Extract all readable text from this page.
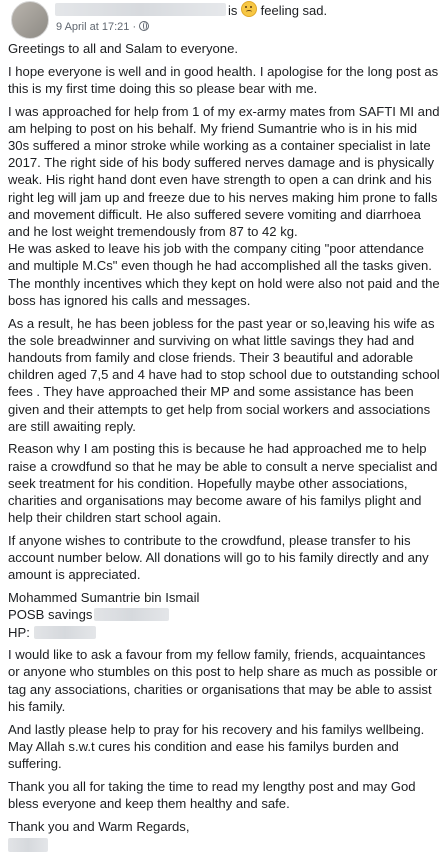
is  feeling sad.
9 April at 17:21 ·

Greetings to all and Salam to everyone.

I hope everyone is well and in good health. I apologise for the long post as this is my first time doing this so please bear with me.

I was approached for help from 1 of my ex-army mates from SAFTI MI and am helping to post on his behalf. My friend Sumantrie who is in his mid 30s suffered a minor stroke while working as a container specialist in late 2017. The right side of his body suffered nerves damage and is physically weak. His right hand dont even have strength to open a can drink and his right leg will jam up and freeze due to his nerves making him prone to falls and movement difficult. He also suffered severe vomiting and diarrhoea and he lost weight tremendously from 87 to 42 kg.

He was asked to leave his job with the company citing "poor attendance and multiple M.Cs" even though he had accomplished all the tasks given. The monthly incentives which they kept on hold were also not paid and the boss has ignored his calls and messages.

As a result, he has been jobless for the past year or so,leaving his wife as the sole breadwinner and surviving on what little savings they had and handouts from family and close friends. Their 3 beautiful and adorable children aged 7,5 and 4 have had to stop school due to outstanding school fees . They have approached their MP and some assistance has been given and their attempts to get help from social workers and associations are still awaiting reply.

Reason why I am posting this is because he had approached me to help raise a crowdfund so that he may be able to consult a nerve specialist and seek treatment for his condition. Hopefully maybe other associations, charities and organisations may become aware of his familys plight and help their children start school again.

If anyone wishes to contribute to the crowdfund, please transfer to his account number below. All donations will go to his family directly and any amount is appreciated.

Mohammed Sumantrie bin Ismail
POSB savings
HP:

I would like to ask a favour from my fellow family, friends, acquaintances or anyone who stumbles on this post to help share as much as possible or tag any associations, charities or organisations that may be able to assist his family.

And lastly please help to pray for his recovery and his familys wellbeing. May Allah s.w.t cures his condition and ease his familys burden and suffering.

Thank you all for taking the time to read my lengthy post and may God bless everyone and keep them healthy and safe.

Thank you and Warm Regards,
